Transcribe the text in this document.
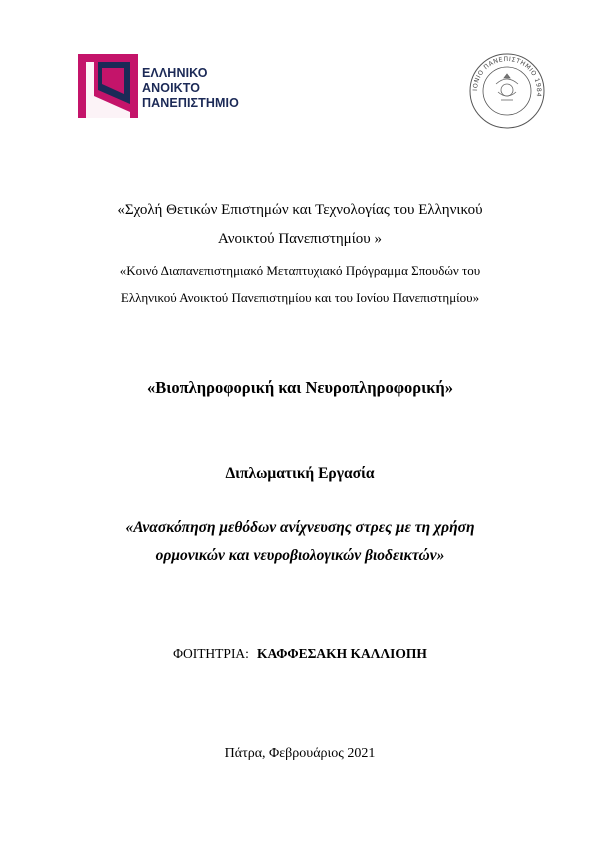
ΕΛΛΗΝΙΚΟ
ΑΝΟΙΚΤΟ
ΠΑΝΕΠΙΣΤΗΜΙΟ
ΙΟΝΙΟ ΠΑΝΕΠΙΣΤΗΜΙΟ 1984
«Σχολή Θετικών Επιστημών και Τεχνολογίας του Ελληνικού
Ανοικτού Πανεπιστημίου »
«Κοινό Διαπανεπιστημιακό Μεταπτυχιακό Πρόγραμμα Σπουδών του
Ελληνικού Ανοικτού Πανεπιστημίου και του Ιονίου Πανεπιστημίου»
«Βιοπληροφορική και Νευροπληροφορική»
Διπλωματική Εργασία
«Ανασκόπηση μεθόδων ανίχνευσης στρες με τη χρήση
ορμονικών και νευροβιολογικών βιοδεικτών»
ΦΟΙΤΗΤΡΙΑ: ΚΑΦΦΕΣΑΚΗ ΚΑΛΛΙΟΠΗ
Πάτρα, Φεβρουάριος 2021
